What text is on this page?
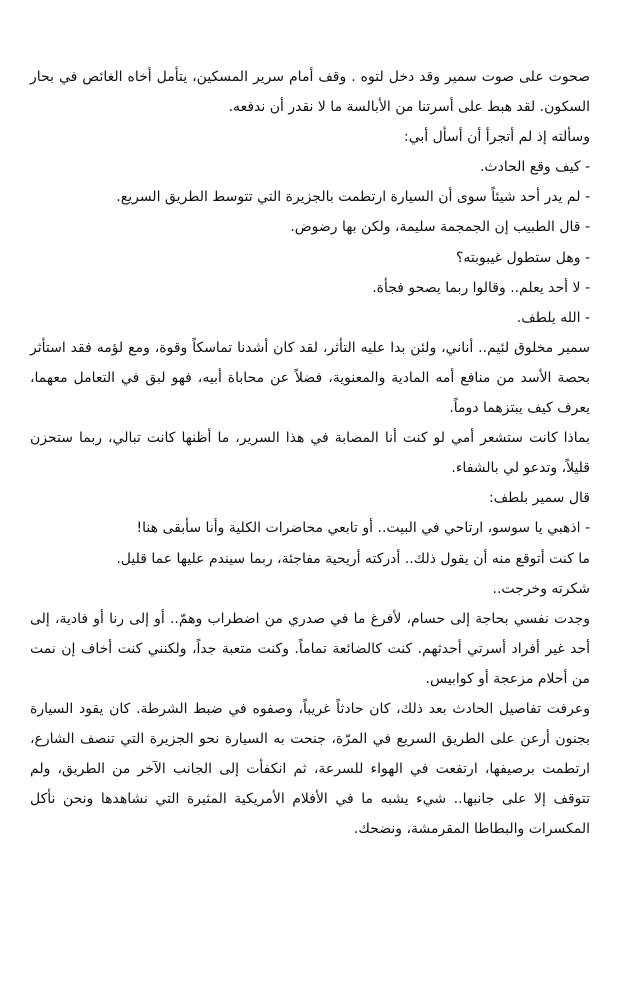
صحوت على صوت سمير وقد دخل لتوه . وقف أمام سرير المسكين، يتأمل أخاه الغائص في بحار السكون. لقد هبط على أسرتنا من الأبالسة ما لا نقدر أن ندفعه.

وسألته إذ لم أتجرأ أن أسأل أبي:

- كيف وقع الحادث.

- لم يدر أحد شيئاً سوى أن السيارة ارتطمت بالجزيرة التي تتوسط الطريق السريع.

- قال الطبيب إن الجمجمة سليمة، ولكن بها رضوض.

- وهل ستطول غيبوبته؟

- لا أحد يعلم.. وقالوا ربما يصحو فجأة.

- الله يلطف.

سمير مخلوق لئيم.. أناني، ولئن بدا عليه التأثر، لقد كان أشدنا تماسكاً وقوة، ومع لؤمه فقد استأثر بحصة الأسد من منافع أمه المادية والمعنوية، فضلاً عن محاباة أبيه، فهو لبق في التعامل معهما، يعرف كيف يبتزهما دوماً.

بماذا كانت ستشعر أمي لو كنت أنا المصابة في هذا السرير، ما أظنها كانت تبالي، ربما ستحزن قليلاً، وتدعو لي بالشفاء.

قال سمير بلطف:

- اذهبي يا سوسو، ارتاحي في البيت.. أو تابعي محاضرات الكلية وأنا سأبقى هنا!

ما كنت أتوقع منه أن يقول ذلك.. أدركته أريحية مفاجئة، ربما سيندم عليها عما قليل.

شكرته وخرجت..

وجدت نفسي بحاجة إلى حسام، لأفرغ ما في صدري من اضطراب وهمّ.. أو إلى رنا أو فادية، إلى أحد غير أفراد أسرتي أحدثهم. كنت كالضائعة تماماً. وكنت متعبة جداً، ولكنني كنت أخاف إن نمت من أحلام مزعجة أو كوابيس.

وعرفت تفاصيل الحادث بعد ذلك، كان حادثاً غريباً، وصفوه في ضبط الشرطة. كان يقود السيارة بجنون أرعن على الطريق السريع في المرّة، جنحت به السيارة نحو الجزيرة التي تنصف الشارع، ارتطمت برصيفها، ارتفعت في الهواء للسرعة، ثم انكفأت إلى الجانب الآخر من الطريق، ولم تتوقف إلا على جانبها.. شيء يشبه ما في الأفلام الأمريكية المثيرة التي نشاهدها ونحن نأكل المكسرات والبطاطا المقرمشة، ونضحك.
